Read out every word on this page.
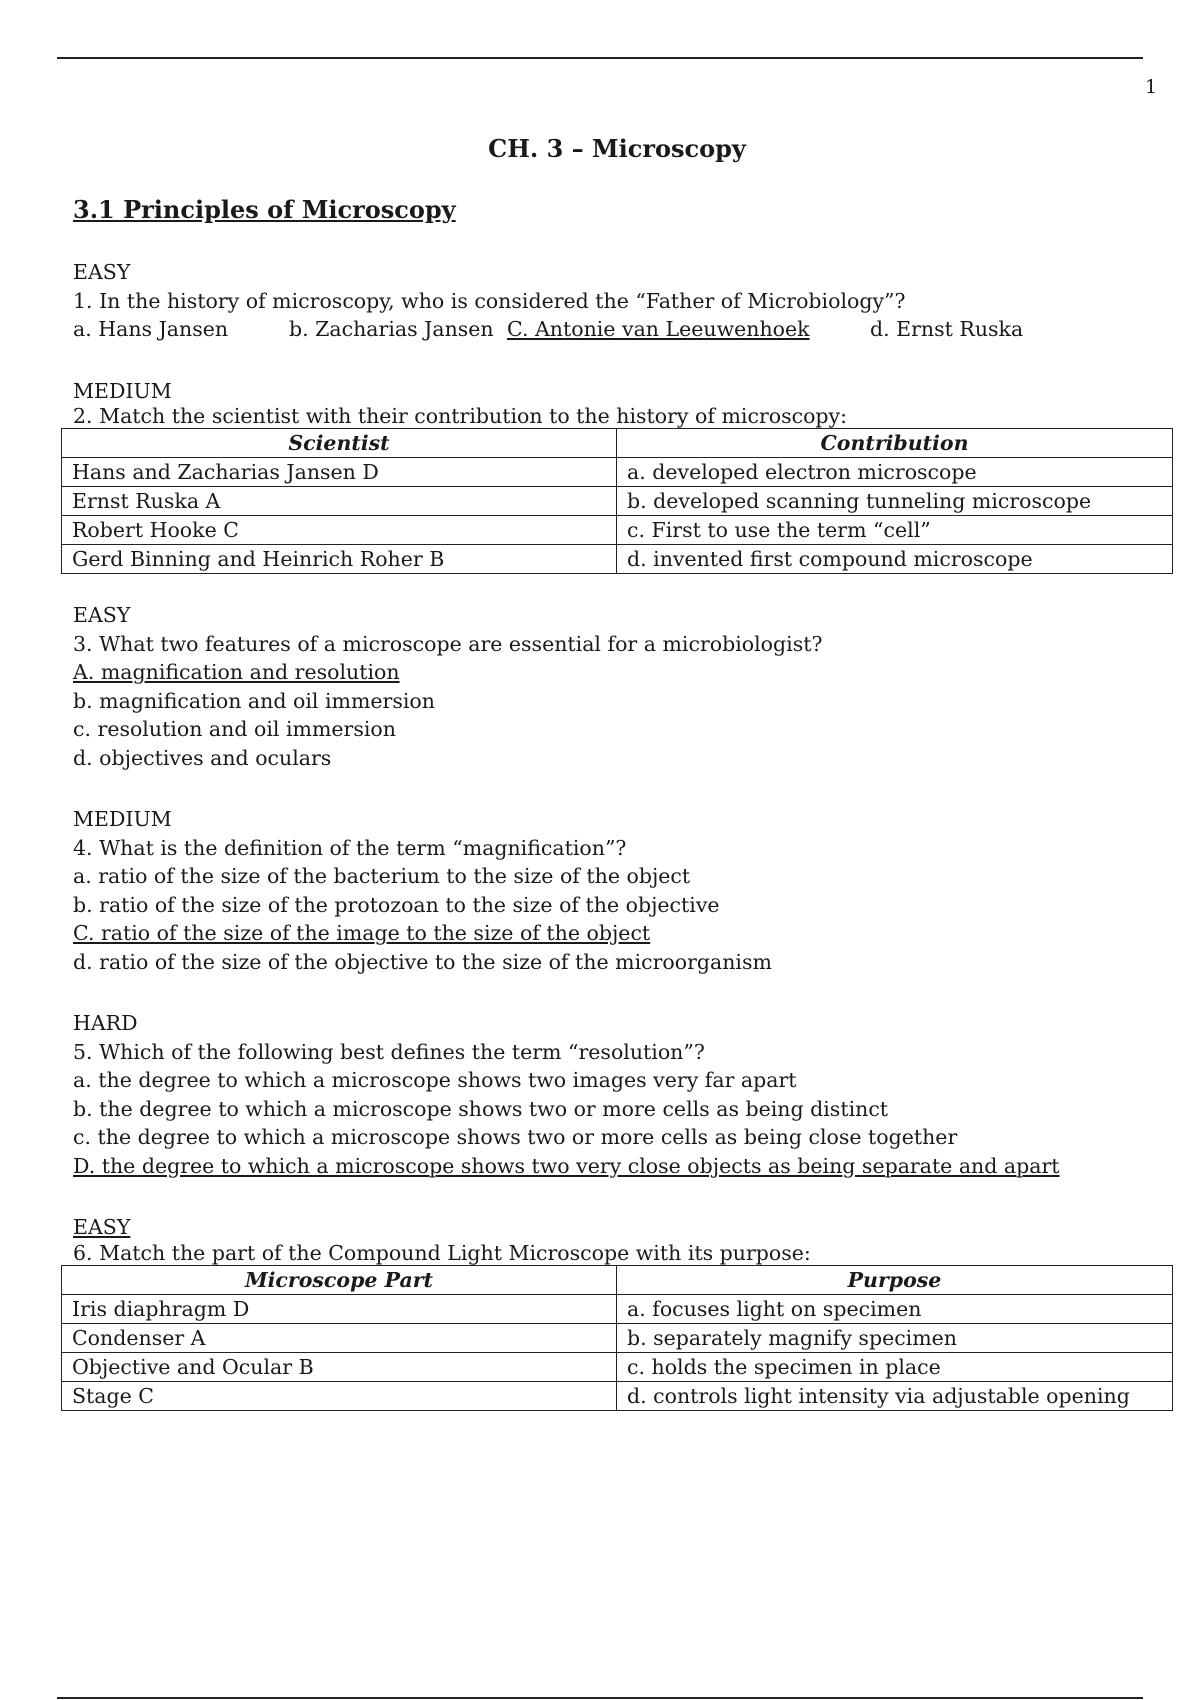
1
CH. 3 – Microscopy
3.1 Principles of Microscopy
EASY
1. In the history of microscopy, who is considered the “Father of Microbiology”?
a. Hans Jansen	b. Zacharias Jansen C. Antonie van Leeuwenhoek	d. Ernst Ruska
MEDIUM
2. Match the scientist with their contribution to the history of microscopy:
Scientist	Contribution
Hans and Zacharias Jansen D	a. developed electron microscope
Ernst Ruska A	b. developed scanning tunneling microscope
Robert Hooke C	c. First to use the term “cell”
Gerd Binning and Heinrich Roher B	d. invented first compound microscope
EASY
3. What two features of a microscope are essential for a microbiologist?
A. magnification and resolution
b. magnification and oil immersion
c. resolution and oil immersion
d. objectives and oculars
MEDIUM
4. What is the definition of the term “magnification”?
a. ratio of the size of the bacterium to the size of the object
b. ratio of the size of the protozoan to the size of the objective
C. ratio of the size of the image to the size of the object
d. ratio of the size of the objective to the size of the microorganism
HARD
5. Which of the following best defines the term “resolution”?
a. the degree to which a microscope shows two images very far apart
b. the degree to which a microscope shows two or more cells as being distinct
c. the degree to which a microscope shows two or more cells as being close together
D. the degree to which a microscope shows two very close objects as being separate and apart
EASY
6. Match the part of the Compound Light Microscope with its purpose:
Microscope Part	Purpose
Iris diaphragm D	a. focuses light on specimen
Condenser A	b. separately magnify specimen
Objective and Ocular B	c. holds the specimen in place
Stage C	d. controls light intensity via adjustable opening
